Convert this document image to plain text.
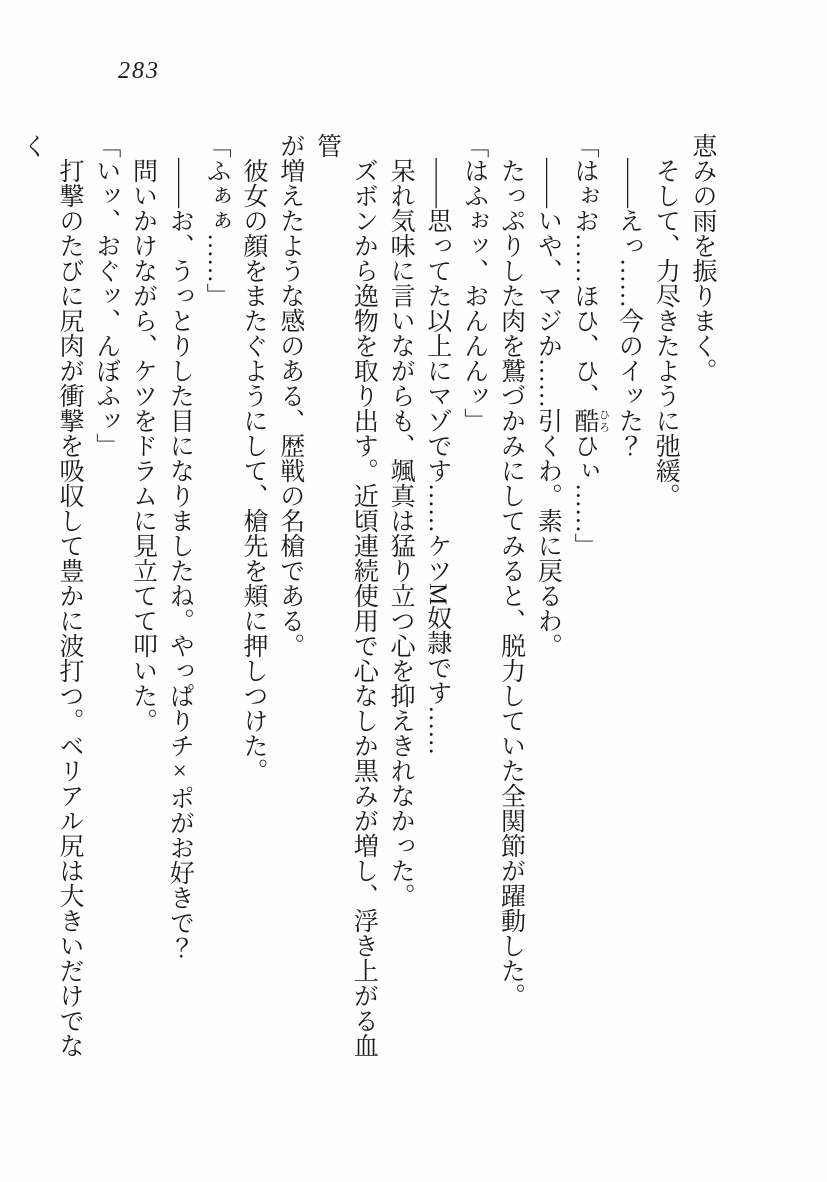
283

恵みの雨を振りまく。

そして、力尽きたように弛緩。

——えっ……今のイッた？

「はぉお……ほひ、ひ、酷 ひろひぃ……」

——いや、マジか……引くわ。素に戻るわ。

たっぷりした肉を鷲づかみにしてみると、脱力していた全関節が躍動した。

「はふぉッ、おんんんッ」

——思ってた以上にマゾです……ケツM奴隷です……

呆れ気味に言いながらも、颯真は猛り立つ心を抑えきれなかった。

ズボンから逸物を取り出す。近頃連続使用で心なしか黒みが増し、浮き上がる血管

が増えたような感のある、歴戦の名槍である。

彼女の顔をまたぐようにして、槍先を頬に押しつけた。

「ふぁぁ……」

——お、うっとりした目になりましたね。やっぱりチ×ポがお好きで？

問いかけながら、ケツをドラムに見立てて叩いた。

「いッ、おぐッ、んぼふッ」

打撃のたびに尻肉が衝撃を吸収して豊かに波打つ。ベリアル尻は大きいだけでなく
